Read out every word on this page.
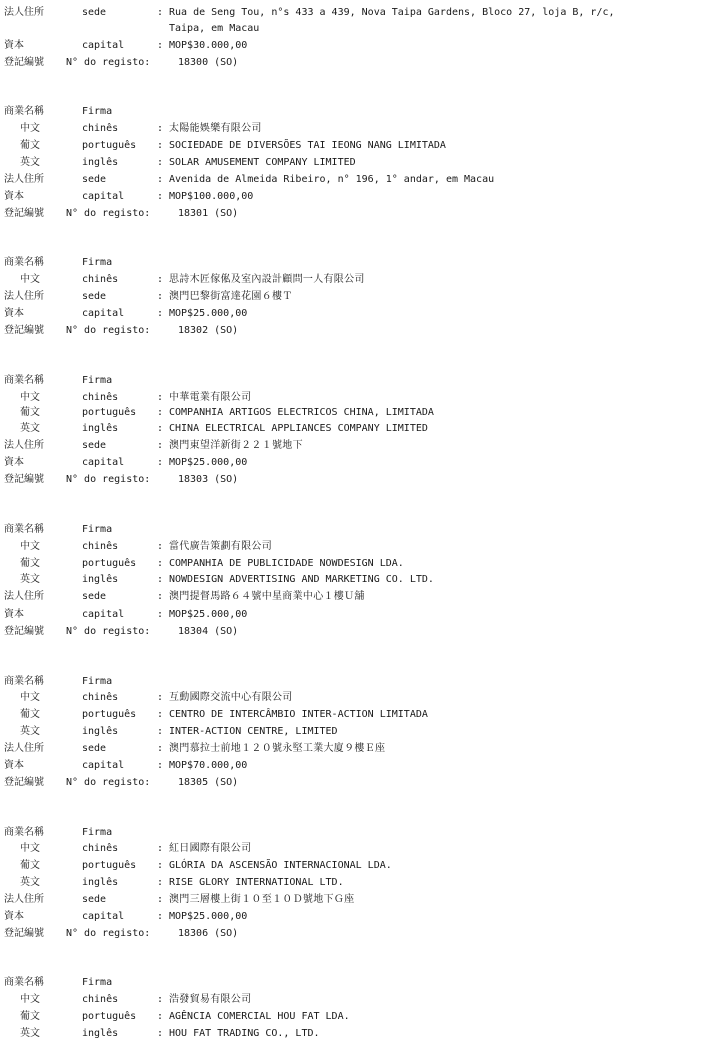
法人住所	sede	: Rua de Seng Tou, n°s 433 a 439, Nova Taipa Gardens, Bloco 27, loja B, r/c,
Taipa, em Macau
資本	capital	: MOP$30.000,00
登記編號 N° do registo:	18300 (SO)
商業名稱	Firma
中文	chinês	: 太陽能娛樂有限公司
葡文	português : SOCIEDADE DE DIVERSÕES TAI IEONG NANG LIMITADA
英文	inglês	: SOLAR AMUSEMENT COMPANY LIMITED
法人住所	sede	: Avenida de Almeida Ribeiro, n° 196, 1° andar, em Macau
資本	capital	: MOP$100.000,00
登記編號 N° do registo:	18301 (SO)
商業名稱	Firma
中文	chinês	: 思詩木匠傢俬及室內設計顧問一人有限公司
法人住所	sede	: 澳門巴黎街富達花園６樓Ｔ
資本	capital	: MOP$25.000,00
登記編號 N° do registo:	18302 (SO)
商業名稱	Firma
中文	chinês	: 中華電業有限公司
葡文	português : COMPANHIA ARTIGOS ELECTRICOS CHINA, LIMITADA
英文	inglês	: CHINA ELECTRICAL APPLIANCES COMPANY LIMITED
法人住所	sede	: 澳門東望洋新街２２１號地下
資本	capital	: MOP$25.000,00
登記編號 N° do registo:	18303 (SO)
商業名稱	Firma
中文	chinês	: 當代廣告策劃有限公司
葡文	português : COMPANHIA DE PUBLICIDADE NOWDESIGN LDA.
英文	inglês	: NOWDESIGN ADVERTISING AND MARKETING CO. LTD.
法人住所	sede	: 澳門提督馬路６４號中星商業中心１樓Ｕ舖
資本	capital	: MOP$25.000,00
登記編號 N° do registo:	18304 (SO)
商業名稱	Firma
中文	chinês	: 互動國際交流中心有限公司
葡文	português : CENTRO DE INTERCÂMBIO INTER-ACTION LIMITADA
英文	inglês	: INTER-ACTION CENTRE, LIMITED
法人住所	sede	: 澳門慕拉士前地１２０號永堅工業大廈９樓Ｅ座
資本	capital	: MOP$70.000,00
登記編號 N° do registo:	18305 (SO)
商業名稱	Firma
中文	chinês	: 紅日國際有限公司
葡文	português : GLÓRIA DA ASCENSÃO INTERNACIONAL LDA.
英文	inglês	: RISE GLORY INTERNATIONAL LTD.
法人住所	sede	: 澳門三層樓上街１０至１０Ｄ號地下Ｇ座
資本	capital	: MOP$25.000,00
登記編號 N° do registo:	18306 (SO)
商業名稱	Firma
中文	chinês	: 浩發貿易有限公司
葡文	português : AGÊNCIA COMERCIAL HOU FAT LDA.
英文	inglês	: HOU FAT TRADING CO., LTD.
